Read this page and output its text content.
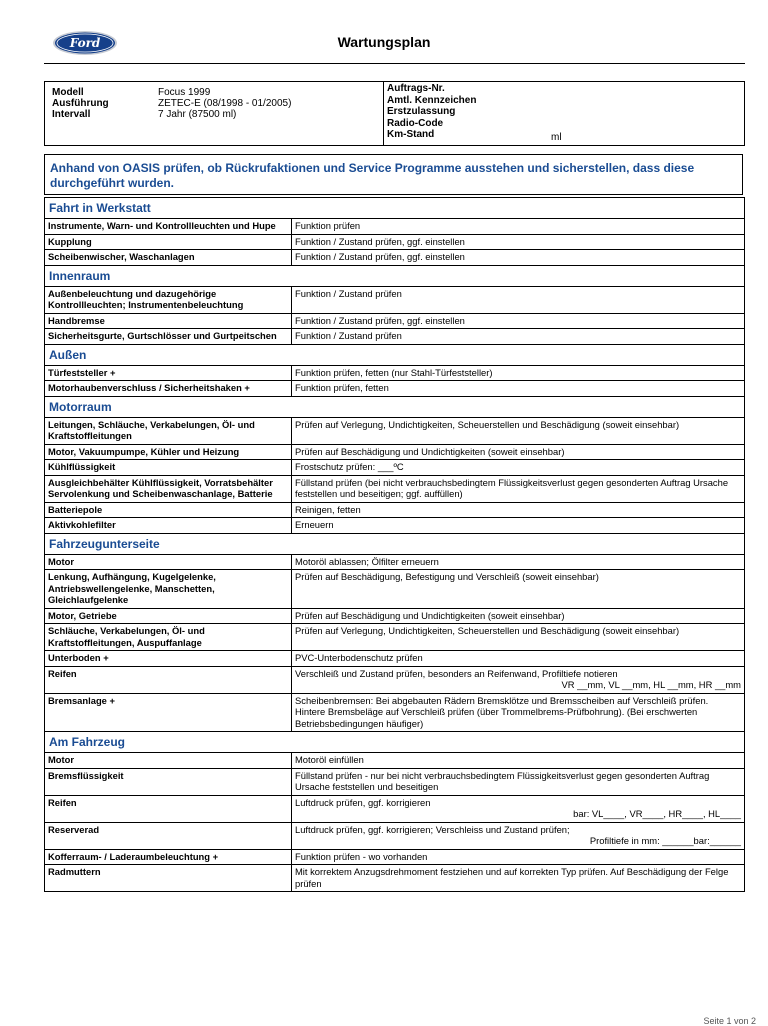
Ford	Wartungsplan
Modell	Focus 1999
Ausführung	ZETEC-E (08/1998 - 01/2005)
Intervall	7 Jahr (87500 ml)
Auftrags-Nr.
Amtl. Kennzeichen
Erstzulassung
Radio-Code
Km-Stand	ml
Anhand von OASIS prüfen, ob Rückrufaktionen und Service Programme ausstehen und sicherstellen, dass diese durchgeführt wurden.
Fahrt in Werkstatt	
Instrumente, Warn- und Kontrollleuchten und Hupe	Funktion prüfen

Kupplung	Funktion / Zustand prüfen, ggf. einstellen

Scheibenwischer, Waschanlagen	Funktion / Zustand prüfen, ggf. einstellen

Innenraum	
Außenbeleuchtung und dazugehörige Kontrollleuchten; Instrumentenbeleuchtung	Funktion / Zustand prüfen

Handbremse	Funktion / Zustand prüfen, ggf. einstellen

Sicherheitsgurte, Gurtschlösser und Gurtpeitschen	Funktion / Zustand prüfen

Außen	
Türfeststeller +	Funktion prüfen, fetten (nur Stahl-Türfeststeller)

Motorhaubenverschluss / Sicherheitshaken +	Funktion prüfen, fetten

Motorraum	
Leitungen, Schläuche, Verkabelungen, Öl- und Kraftstoffleitungen	Prüfen auf Verlegung, Undichtigkeiten, Scheuerstellen und Beschädigung (soweit einsehbar)

Motor, Vakuumpumpe, Kühler und Heizung	Prüfen auf Beschädigung und Undichtigkeiten (soweit einsehbar)

Kühlflüssigkeit	Frostschutz prüfen: ___ºC

Ausgleichbehälter Kühlflüssigkeit, Vorratsbehälter Servolenkung und Scheibenwaschanlage, Batterie	Füllstand prüfen (bei nicht verbrauchsbedingtem Flüssigkeitsverlust gegen gesonderten Auftrag Ursache feststellen und beseitigen; ggf. auffüllen)

Batteriepole	Reinigen, fetten

Aktivkohlefilter	Erneuern

Fahrzeugunterseite	
Motor	Motoröl ablassen; Ölfilter erneuern

Lenkung, Aufhängung, Kugelgelenke, Antriebswellengelenke, Manschetten, Gleichlaufgelenke	Prüfen auf Beschädigung, Befestigung und Verschleiß (soweit einsehbar)

Motor, Getriebe	Prüfen auf Beschädigung und Undichtigkeiten (soweit einsehbar)

Schläuche, Verkabelungen, Öl- und Kraftstoffleitungen, Auspuffanlage	Prüfen auf Verlegung, Undichtigkeiten, Scheuerstellen und Beschädigung (soweit einsehbar)

Unterboden +	PVC-Unterbodenschutz prüfen

Reifen	Verschleiß und Zustand prüfen, besonders an Reifenwand, Profiltiefe notieren
VR __mm, VL __mm, HL __mm, HR __mm

Bremsanlage +	Scheibenbremsen: Bei abgebauten Rädern Bremsklötze und Bremsscheiben auf Verschleiß prüfen. Hintere Bremsbeläge auf Verschleiß prüfen (über Trommelbrems-Prüfbohrung). (Bei erschwerten Betriebsbedingungen häufiger)

Am Fahrzeug	
Motor	Motoröl einfüllen

Bremsflüssigkeit	Füllstand prüfen - nur bei nicht verbrauchsbedingtem Flüssigkeitsverlust gegen gesonderten Auftrag Ursache feststellen und beseitigen

Reifen	Luftdruck prüfen, ggf. korrigieren
bar: VL____, VR____, HR____, HL____

Reserverad	Luftdruck prüfen, ggf. korrigieren; Verschleiss und Zustand prüfen;
Profiltiefe in mm: ______bar:______

Kofferraum- / Laderaumbeleuchtung +	Funktion prüfen - wo vorhanden

Radmuttern	Mit korrektem Anzugsdrehmoment festziehen und auf korrekten Typ prüfen. Auf Beschädigung der Felge prüfen
Seite 1 von 2
